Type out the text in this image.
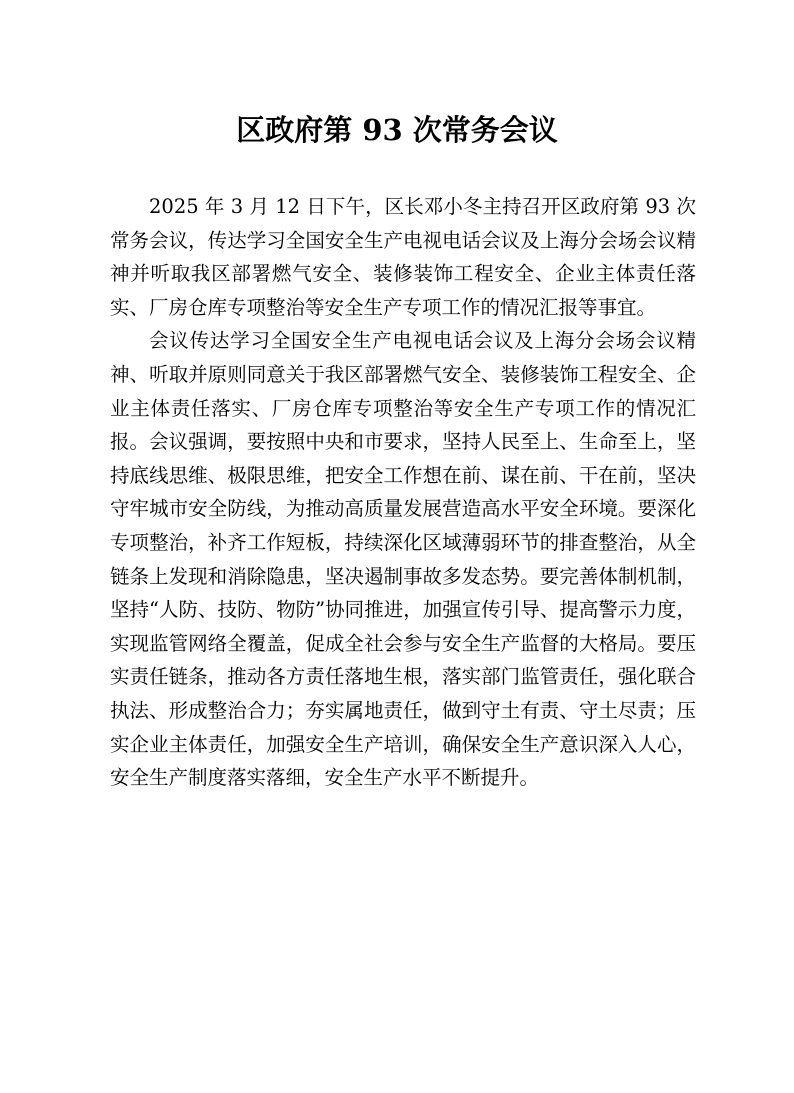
区政府第 93 次常务会议

2025 年 3 月 12 日下午，区长邓小冬主持召开区政府第 93 次常务会议，传达学习全国安全生产电视电话会议及上海分会场会议精神并听取我区部署燃气安全、装修装饰工程安全、企业主体责任落实、厂房仓库专项整治等安全生产专项工作的情况汇报等事宜。

会议传达学习全国安全生产电视电话会议及上海分会场会议精神、听取并原则同意关于我区部署燃气安全、装修装饰工程安全、企业主体责任落实、厂房仓库专项整治等安全生产专项工作的情况汇报。会议强调，要按照中央和市要求，坚持人民至上、生命至上，坚持底线思维、极限思维，把安全工作想在前、谋在前、干在前，坚决守牢城市安全防线，为推动高质量发展营造高水平安全环境。要深化专项整治，补齐工作短板，持续深化区域薄弱环节的排查整治，从全链条上发现和消除隐患，坚决遏制事故多发态势。要完善体制机制，坚持“人防、技防、物防”协同推进，加强宣传引导、提高警示力度，实现监管网络全覆盖，促成全社会参与安全生产监督的大格局。要压实责任链条，推动各方责任落地生根，落实部门监管责任，强化联合执法、形成整治合力；夯实属地责任，做到守土有责、守土尽责；压实企业主体责任，加强安全生产培训，确保安全生产意识深入人心，安全生产制度落实落细，安全生产水平不断提升。
